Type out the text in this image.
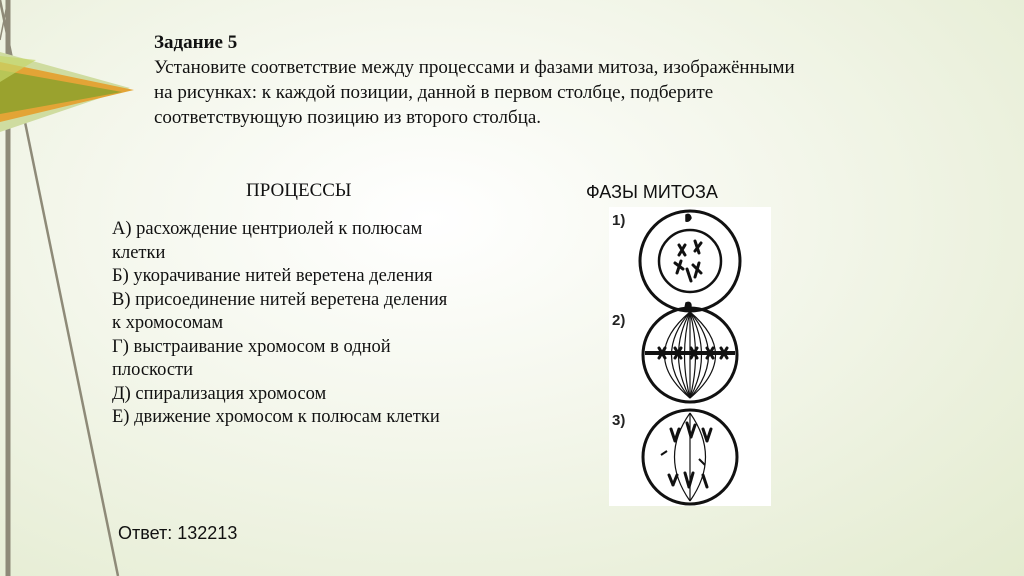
Задание 5
Установите соответствие между процессами и фазами митоза, изображёнными
на рисунках: к каждой позиции, данной в первом столбце, подберите
соответствующую позицию из второго столбца.
ПРОЦЕССЫ	ФАЗЫ МИТОЗА
А) расхождение центриолей к полюсам
клетки
Б) укорачивание нитей веретена деления
В) присоединение нитей веретена деления
к хромосомам
Г) выстраивание хромосом в одной
плоскости
Д) спирализация хромосом
Е) движение хромосом к полюсам клетки
1)
2)
3)
Ответ: 132213
